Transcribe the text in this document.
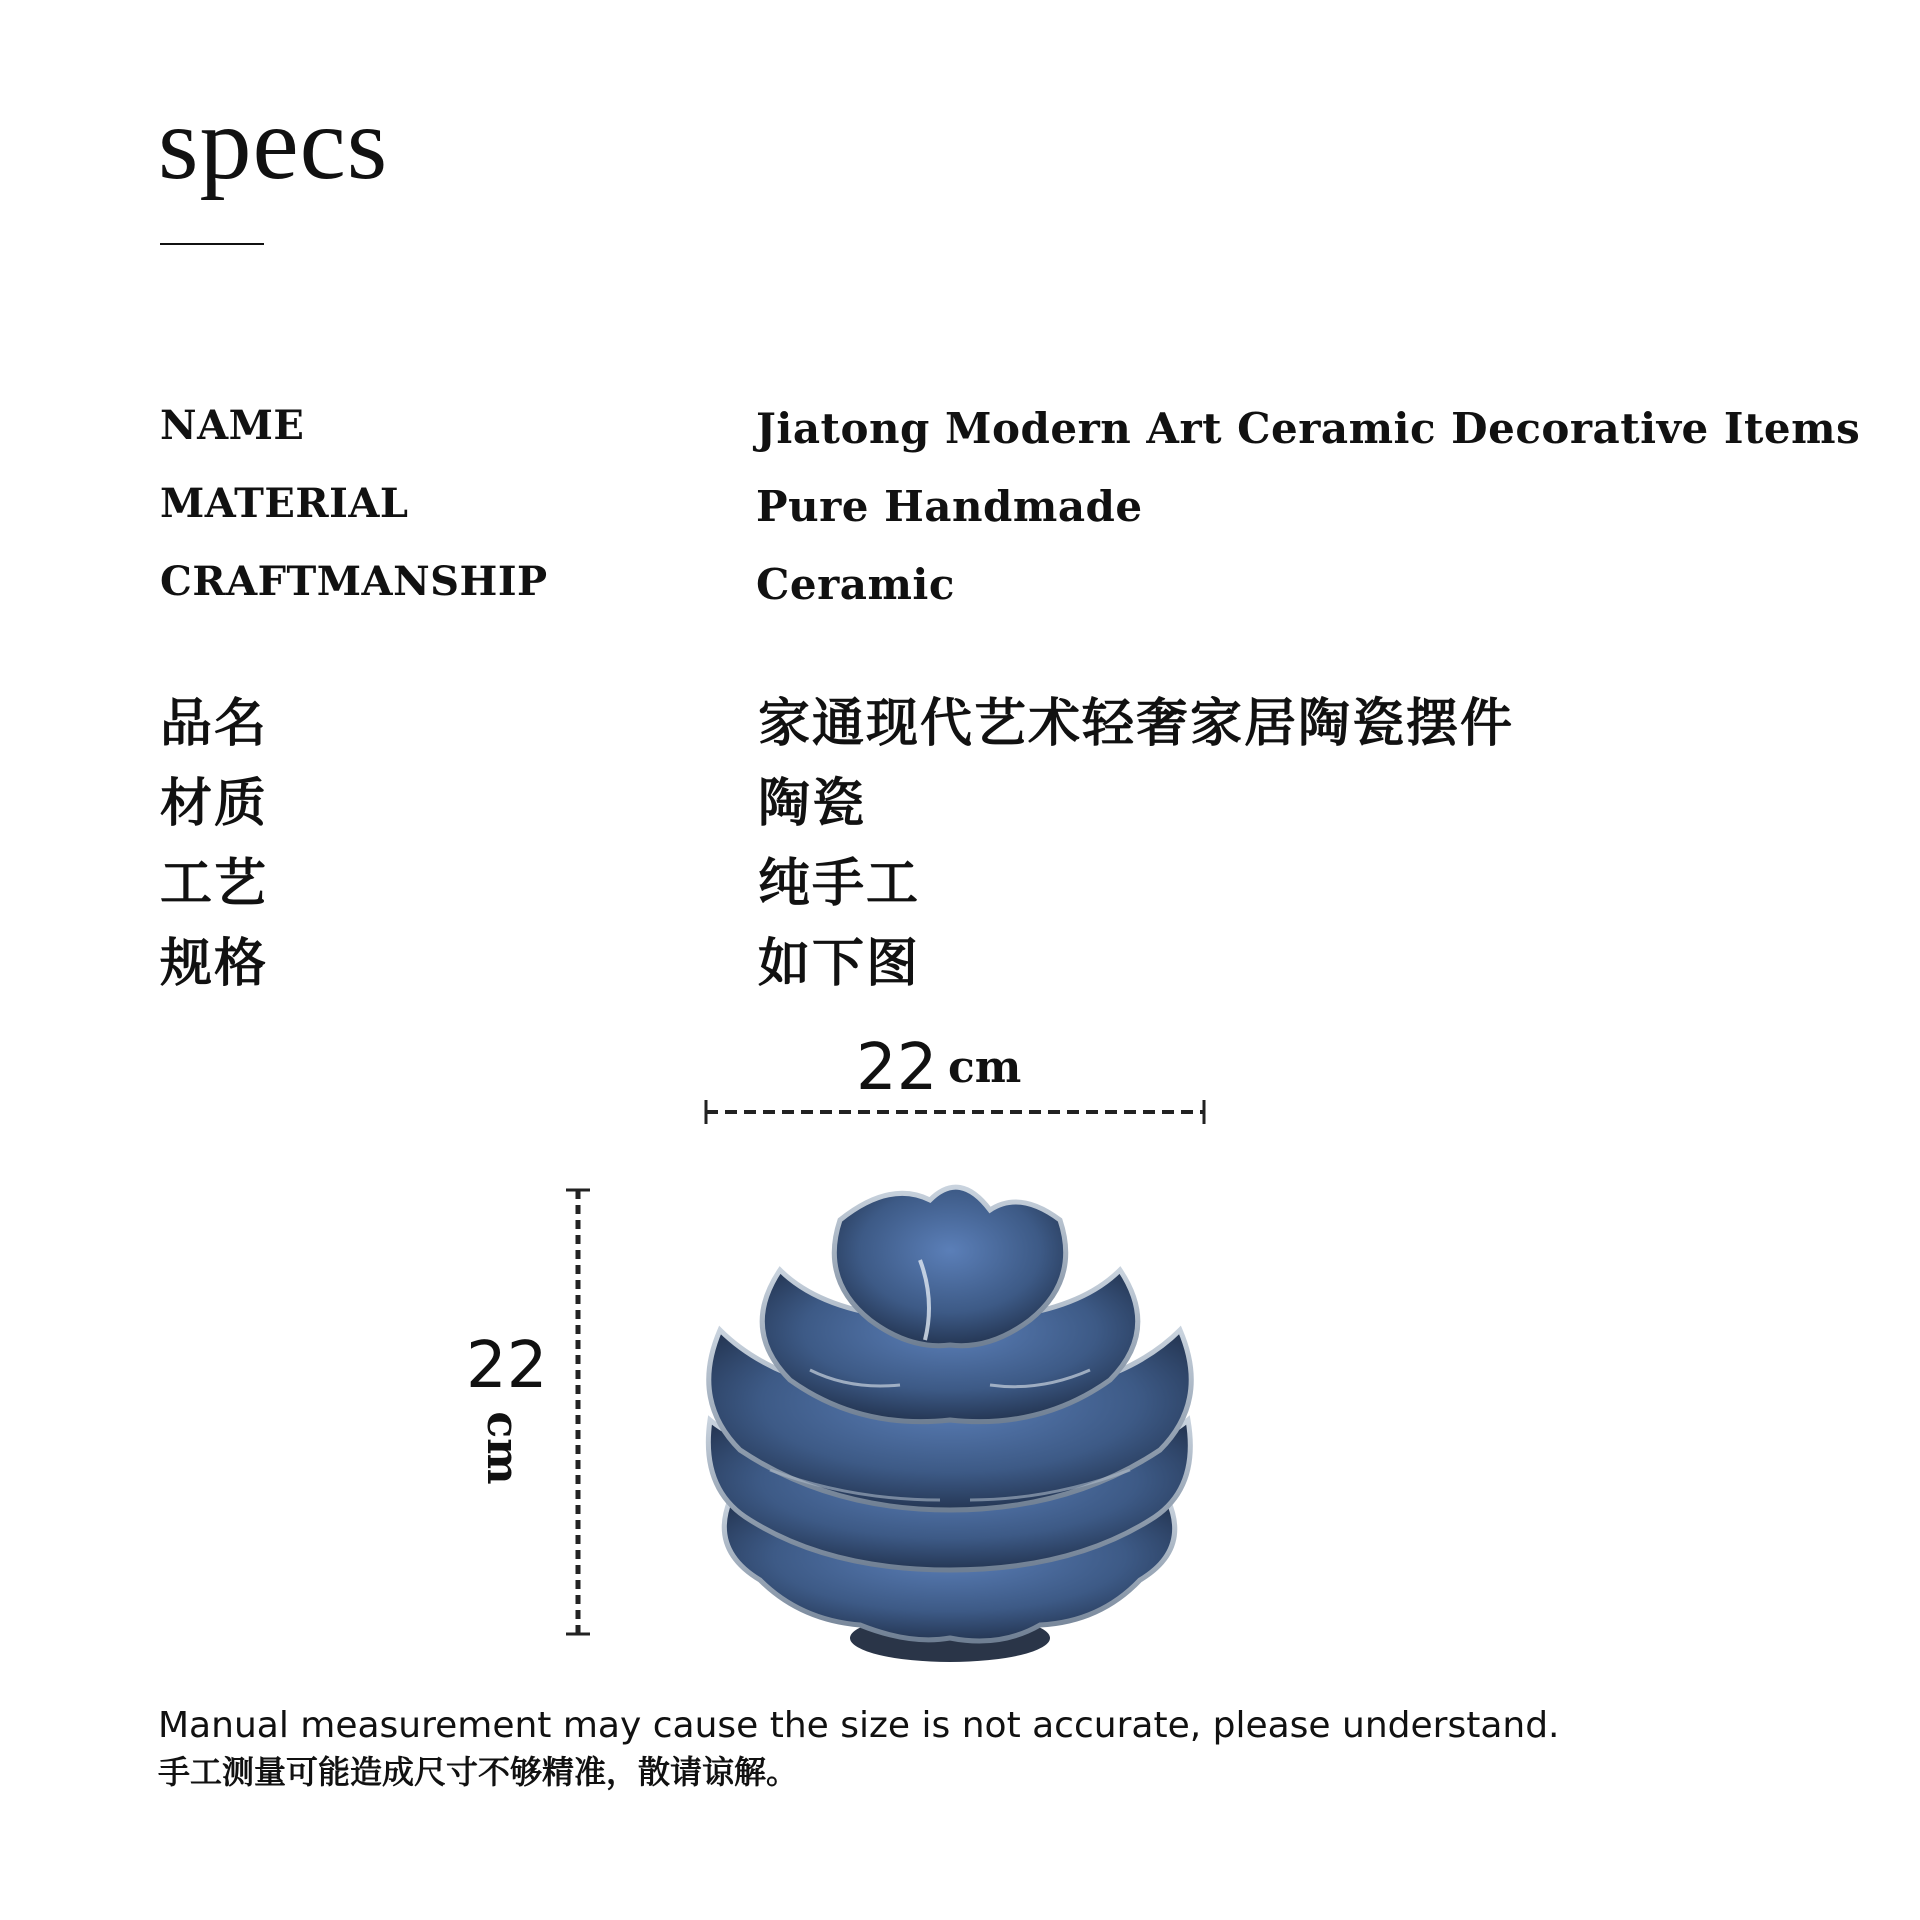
specs
NAME	Jiatong Modern Art Ceramic Decorative Items
MATERIAL	Pure Handmade
CRAFTMANSHIP	Ceramic
品名	家通现代艺术轻奢家居陶瓷摆件
材质	陶瓷
工艺	纯手工
规格	如下图
22 cm
22
cm
Manual measurement may cause the size is not accurate, please understand.
手工测量可能造成尺寸不够精准，散请谅解。
